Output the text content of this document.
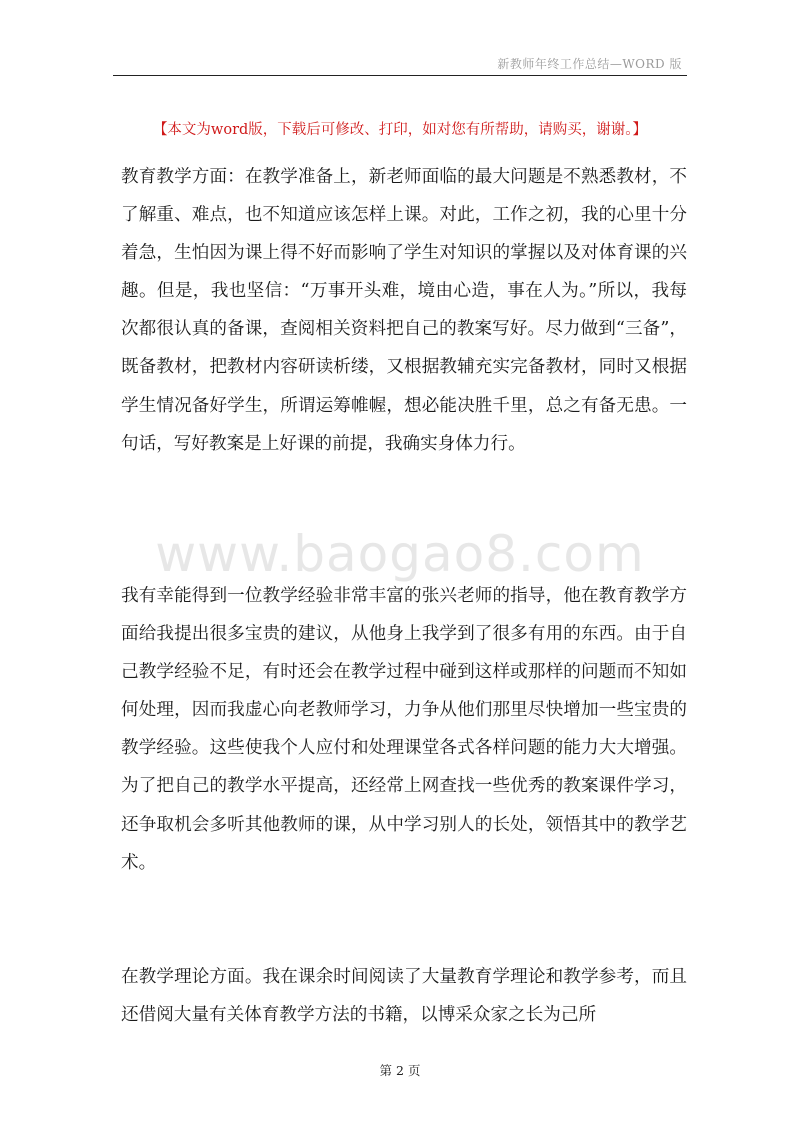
新教师年终工作总结—WORD 版
【本文为word版，下载后可修改、打印，如对您有所帮助，请购买，谢谢。】

教育教学方面：在教学准备上，新老师面临的最大问题是不熟悉教材，不了解重、难点，也不知道应该怎样上课。对此，工作之初，我的心里十分着急，生怕因为课上得不好而影响了学生对知识的掌握以及对体育课的兴趣。但是，我也坚信：“万事开头难，境由心造，事在人为。”所以，我每次都很认真的备课，查阅相关资料把自己的教案写好。尽力做到“三备”，既备教材，把教材内容研读析缕，又根据教辅充实完备教材，同时又根据学生情况备好学生，所谓运筹帷幄，想必能决胜千里，总之有备无患。一句话，写好教案是上好课的前提，我确实身体力行。

www.baogao8.com

我有幸能得到一位教学经验非常丰富的张兴老师的指导，他在教育教学方面给我提出很多宝贵的建议，从他身上我学到了很多有用的东西。由于自己教学经验不足，有时还会在教学过程中碰到这样或那样的问题而不知如何处理，因而我虚心向老教师学习，力争从他们那里尽快增加一些宝贵的教学经验。这些使我个人应付和处理课堂各式各样问题的能力大大增强。为了把自己的教学水平提高，还经常上网查找一些优秀的教案课件学习，还争取机会多听其他教师的课，从中学习别人的长处，领悟其中的教学艺术。

在教学理论方面。我在课余时间阅读了大量教育学理论和教学参考，而且还借阅大量有关体育教学方法的书籍，以博采众家之长为己所

第 2 页
